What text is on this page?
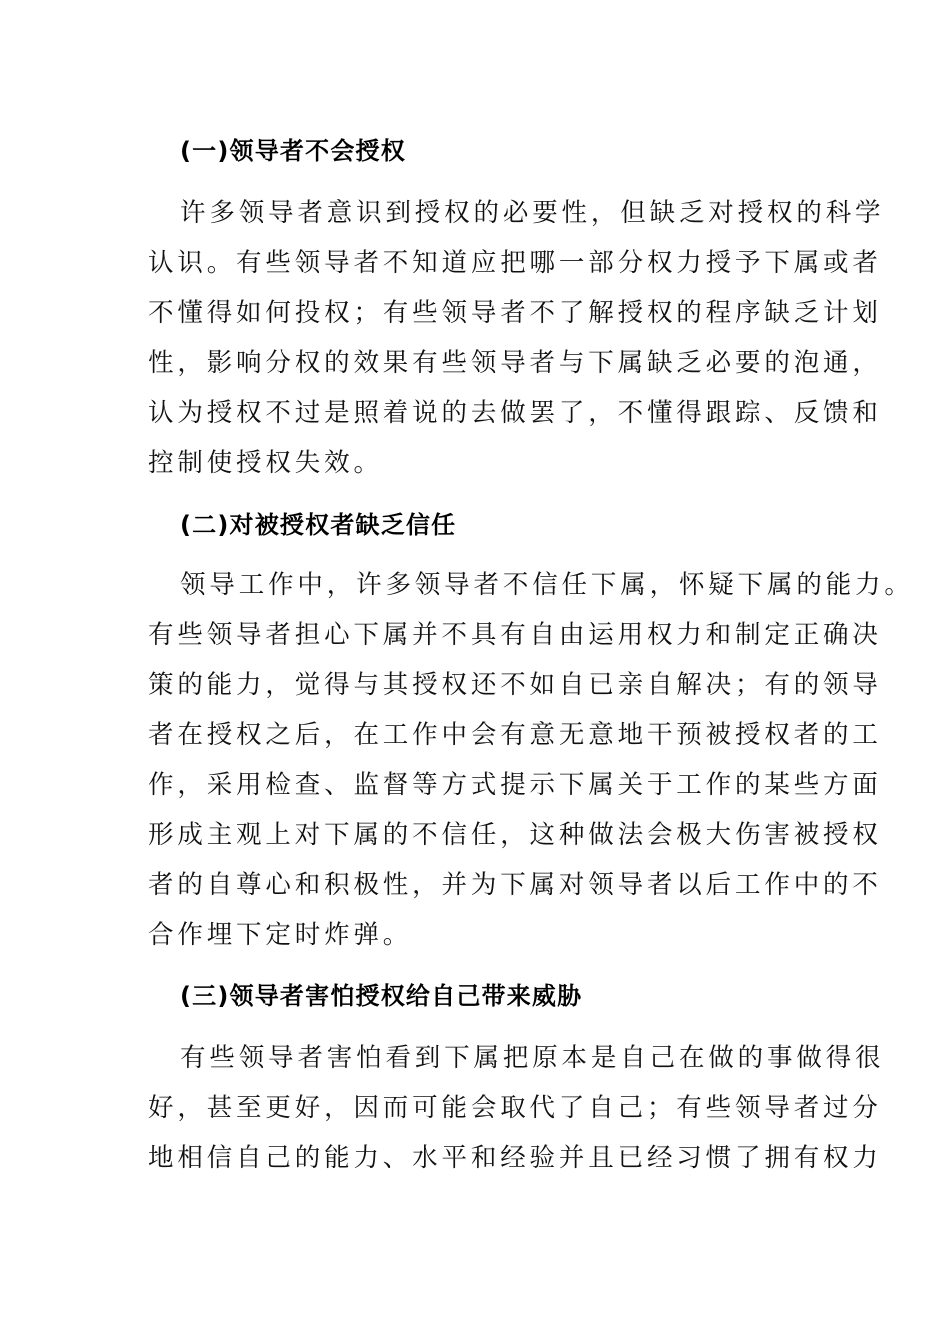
(一)领导者不会授权
许多领导者意识到授权的必要性，但缺乏对授权的科学
认识。有些领导者不知道应把哪一部分权力授予下属或者
不懂得如何投权；有些领导者不了解授权的程序缺乏计划
性，影响分权的效果有些领导者与下属缺乏必要的泡通，
认为授权不过是照着说的去做罢了，不懂得跟踪、反馈和
控制使授权失效。
(二)对被授权者缺乏信任
领导工作中，许多领导者不信任下属，怀疑下属的能力。
有些领导者担心下属并不具有自由运用权力和制定正确决
策的能力，觉得与其授权还不如自已亲自解决；有的领导
者在授权之后，在工作中会有意无意地干预被授权者的工
作，采用检查、监督等方式提示下属关于工作的某些方面
形成主观上对下属的不信任，这种做法会极大伤害被授权
者的自尊心和积极性，并为下属对领导者以后工作中的不
合作埋下定时炸弹。
(三)领导者害怕授权给自己带来威胁
有些领导者害怕看到下属把原本是自己在做的事做得很
好，甚至更好，因而可能会取代了自己；有些领导者过分
地相信自己的能力、水平和经验并且已经习惯了拥有权力
